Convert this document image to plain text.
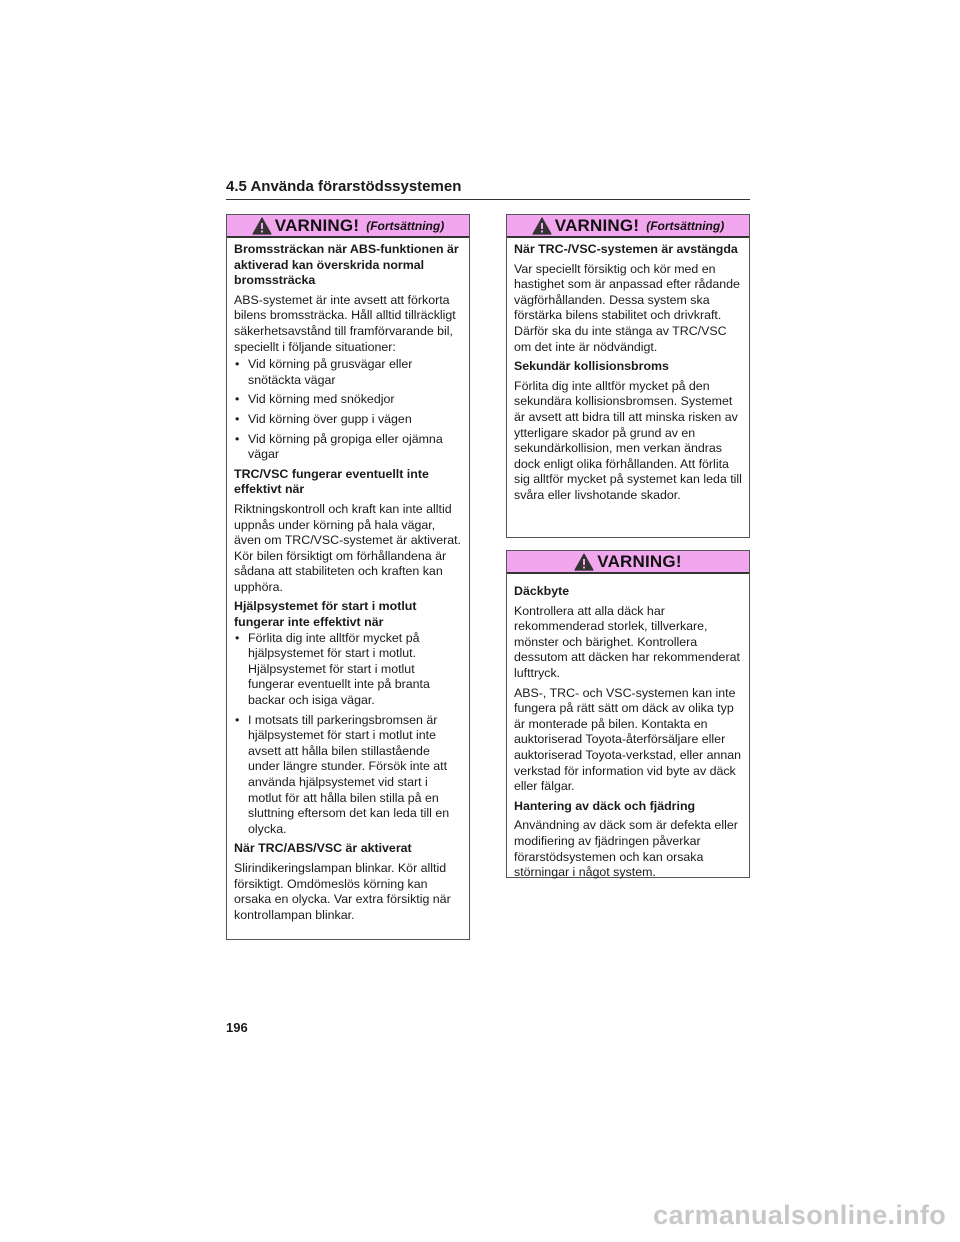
4.5 Använda förarstödssystemen
VARNING! (Fortsättning)
Bromssträckan när ABS-funktionen är aktiverad kan överskrida normal bromssträcka

ABS-systemet är inte avsett att förkorta bilens bromssträcka. Håll alltid tillräckligt säkerhetsavstånd till framförvarande bil, speciellt i följande situationer:

• Vid körning på grusvägar eller snötäckta vägar
• Vid körning med snökedjor
• Vid körning över gupp i vägen
• Vid körning på gropiga eller ojämna vägar
TRC/VSC fungerar eventuellt inte effektivt när

Riktningskontroll och kraft kan inte alltid uppnås under körning på hala vägar, även om TRC/VSC-systemet är aktiverat. Kör bilen försiktigt om förhållandena är sådana att stabiliteten och kraften kan upphöra.

Hjälpsystemet för start i motlut fungerar inte effektivt när
• Förlita dig inte alltför mycket på hjälpsystemet för start i motlut. Hjälpsystemet för start i motlut fungerar eventuellt inte på branta backar och isiga vägar.
• I motsats till parkeringsbromsen är hjälpsystemet för start i motlut inte avsett att hålla bilen stillastående under längre stunder. Försök inte att använda hjälpsystemet vid start i motlut för att hålla bilen stilla på en sluttning eftersom det kan leda till en olycka.
När TRC/ABS/VSC är aktiverat

Slirindikeringslampan blinkar. Kör alltid försiktigt. Omdömeslös körning kan orsaka en olycka. Var extra försiktig när kontrollampan blinkar.

VARNING! (Fortsättning)
När TRC-/VSC-systemen är avstängda

Var speciellt försiktig och kör med en hastighet som är anpassad efter rådande vägförhållanden. Dessa system ska förstärka bilens stabilitet och drivkraft. Därför ska du inte stänga av TRC/VSC om det inte är nödvändigt.

Sekundär kollisionsbroms

Förlita dig inte alltför mycket på den sekundära kollisionsbromsen. Systemet är avsett att bidra till att minska risken av ytterligare skador på grund av en sekundärkollision, men verkan ändras dock enligt olika förhållanden. Att förlita sig alltför mycket på systemet kan leda till svåra eller livshotande skador.

VARNING!
Däckbyte

Kontrollera att alla däck har rekommenderad storlek, tillverkare, mönster och bärighet. Kontrollera dessutom att däcken har rekommenderat lufttryck.

ABS-, TRC- och VSC-systemen kan inte fungera på rätt sätt om däck av olika typ är monterade på bilen. Kontakta en auktoriserad Toyota-återförsäljare eller auktoriserad Toyota-verkstad, eller annan verkstad för information vid byte av däck eller fälgar.

Hantering av däck och fjädring

Användning av däck som är defekta eller modifiering av fjädringen påverkar förarstödsystemen och kan orsaka störningar i något system.

196
carmanualsonline.info
